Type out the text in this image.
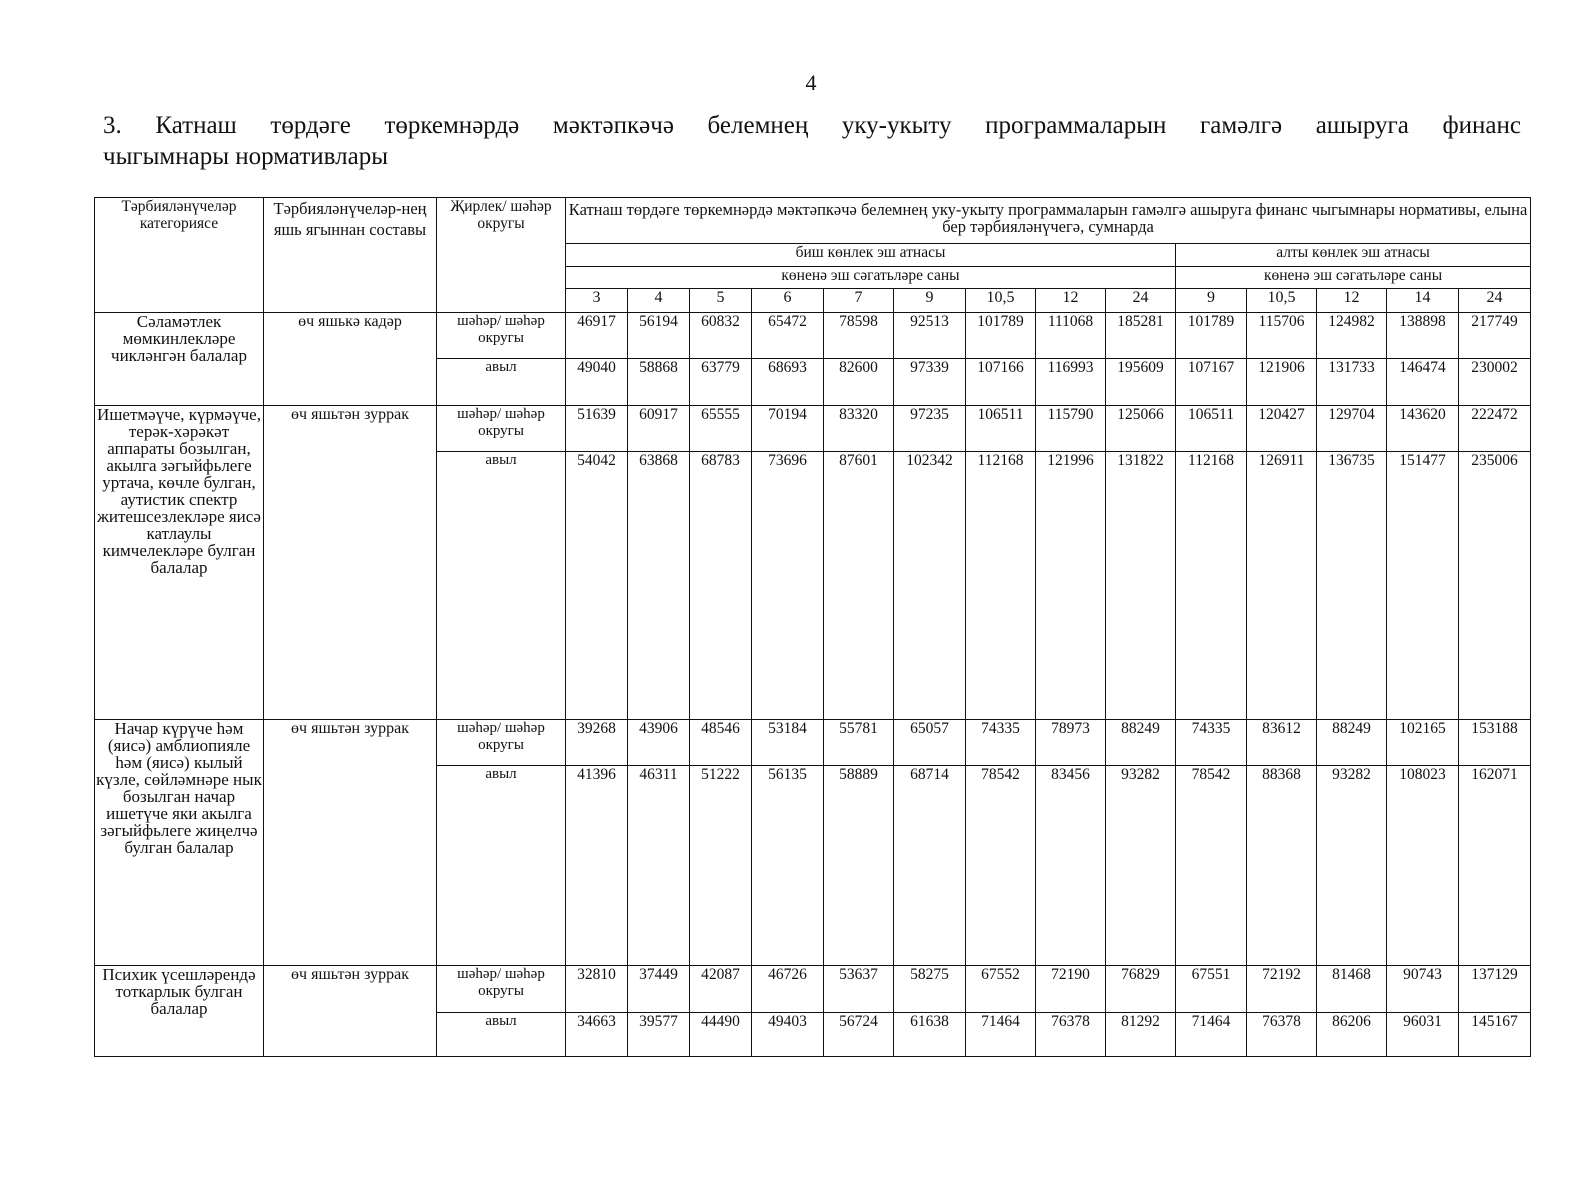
4
3. Катнаш төрдәге төркемнәрдә мәктәпкәчә белемнең уку-укыту программаларын гамәлгә ашыруга финанс
чыгымнары нормативлары
Тәрбияләнүчеләр категориясе	Тәрбияләнүчеләр-нең яшь ягыннан составы	Җирлек/ шәһәр округы	Катнаш төрдәге төркемнәрдә мәктәпкәчә белемнең уку-укыту программаларын гамәлгә ашыруга финанс чыгымнары нормативы, елына бер тәрбияләнүчегә, сумнарда													
			биш көнлек эш атнасы									алты көнлек эш атнасы				
			көненә эш сәгатьләре саны									көненә эш сәгатьләре саны				
			3	4	5	6	7	9	10,5	12	24	9	10,5	12	14	24
Сәламәтлек мөмкинлекләре чикләнгән балалар	өч яшькә кадәр	шәһәр/ шәһәр округы	46917	56194	60832	65472	78598	92513	101789	111068	185281	101789	115706	124982	138898	217749
		авыл	49040	58868	63779	68693	82600	97339	107166	116993	195609	107167	121906	131733	146474	230002
Ишетмәүче, күрмәүче, терәк-хәрәкәт аппараты бозылган, акылга зәгыйфьлеге уртача, көчле булган, аутистик спектр житешсезлекләре яисә катлаулы кимчелекләре булган балалар	өч яшьтән зуррак	шәһәр/ шәһәр округы	51639	60917	65555	70194	83320	97235	106511	115790	125066	106511	120427	129704	143620	222472
		авыл	54042	63868	68783	73696	87601	102342	112168	121996	131822	112168	126911	136735	151477	235006
Начар күрүче һәм (яисә) амблиопияле һәм (яисә) кылый күзле, сөйләмнәре нык бозылган начар ишетүче яки акылга зәгыйфьлеге жиңелчә булган балалар	өч яшьтән зуррак	шәһәр/ шәһәр округы	39268	43906	48546	53184	55781	65057	74335	78973	88249	74335	83612	88249	102165	153188
		авыл	41396	46311	51222	56135	58889	68714	78542	83456	93282	78542	88368	93282	108023	162071
Психик үсешләрендә тоткарлык булган балалар	өч яшьтән зуррак	шәһәр/ шәһәр округы	32810	37449	42087	46726	53637	58275	67552	72190	76829	67551	72192	81468	90743	137129
		авыл	34663	39577	44490	49403	56724	61638	71464	76378	81292	71464	76378	86206	96031	145167
